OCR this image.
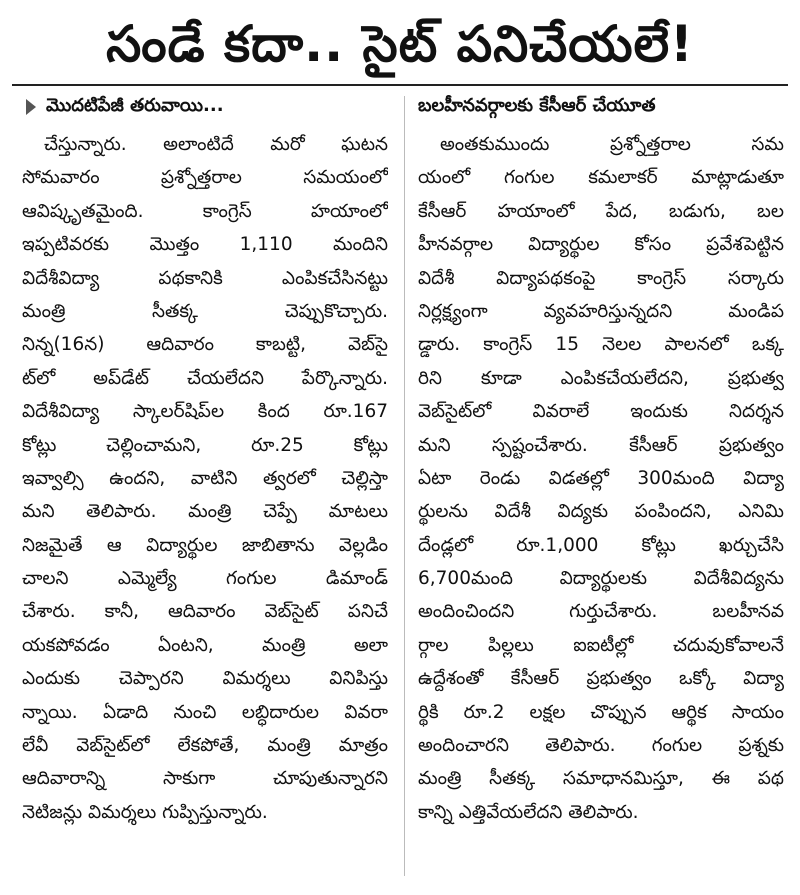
సండే కదా.. సైట్ పనిచేయలే!
మొదటిపేజీ తరువాయి...
చేస్తున్నారు. అలాంటిదే మరో ఘటన
సోమవారం ప్రశ్నోత్తరాల సమయంలో
ఆవిష్కృతమైంది. కాంగ్రెస్ హయాంలో
ఇప్పటివరకు మొత్తం 1,110 మందిని
విదేశీవిద్యా పథకానికి ఎంపికచేసినట్టు
మంత్రి సీతక్క చెప్పుకొచ్చారు.
నిన్న(16న) ఆదివారం కాబట్టి, వెబ్‌సై
ట్‌లో అప్‌డేట్ చేయలేదని పేర్కొన్నారు.
విదేశీవిద్యా స్కాలర్‌షిప్‌ల కింద రూ.167
కోట్లు చెల్లించామని, రూ.25 కోట్లు
ఇవ్వాల్సి ఉందని, వాటిని త్వరలో చెల్లిస్తా
మని తెలిపారు. మంత్రి చెప్పే మాటలు
నిజమైతే ఆ విద్యార్థుల జాబితాను వెల్లడిం
చాలని ఎమ్మెల్యే గంగుల డిమాండ్
చేశారు. కానీ, ఆదివారం వెబ్‌సైట్ పనిచే
యకపోవడం ఏంటని, మంత్రి అలా
ఎందుకు చెప్పారని విమర్శలు వినిపిస్తు
న్నాయి. ఏడాది నుంచి లబ్ధిదారుల వివరా
లేవీ వెబ్‌సైట్‌లో లేకపోతే, మంత్రి మాత్రం
ఆదివారాన్ని సాకుగా చూపుతున్నారని
నెటిజన్లు విమర్శలు గుప్పిస్తున్నారు.
బలహీనవర్గాలకు కేసీఆర్ చేయూత
అంతకుముందు ప్రశ్నోత్తరాల సమ
యంలో గంగుల కమలాకర్ మాట్లాడుతూ
కేసీఆర్ హయాంలో పేద, బడుగు, బల
హీనవర్గాల విద్యార్థుల కోసం ప్రవేశపెట్టిన
విదేశీ విద్యాపథకంపై కాంగ్రెస్ సర్కారు
నిర్లక్ష్యంగా వ్యవహరిస్తున్నదని మండిప
డ్డారు. కాంగ్రెస్ 15 నెలల పాలనలో ఒక్క
రిని కూడా ఎంపికచేయలేదని, ప్రభుత్వ
వెబ్‌సైట్‌లో వివరాలే ఇందుకు నిదర్శన
మని స్పష్టంచేశారు. కేసీఆర్ ప్రభుత్వం
ఏటా రెండు విడతల్లో 300మంది విద్యా
ర్థులను విదేశీ విద్యకు పంపిందని, ఎనిమి
దేండ్లలో రూ.1,000 కోట్లు ఖర్చుచేసి
6,700మంది విద్యార్థులకు విదేశీవిద్యను
అందించిందని గుర్తుచేశారు. బలహీనవ
ర్గాల పిల్లలు ఐఐటీల్లో చదువుకోవాలనే
ఉద్దేశంతో కేసీఆర్ ప్రభుత్వం ఒక్కో విద్యా
ర్థికి రూ.2 లక్షల చొప్పున ఆర్థిక సాయం
అందించారని తెలిపారు. గంగుల ప్రశ్నకు
మంత్రి సీతక్క సమాధానమిస్తూ, ఈ పథ
కాన్ని ఎత్తివేయలేదని తెలిపారు.
